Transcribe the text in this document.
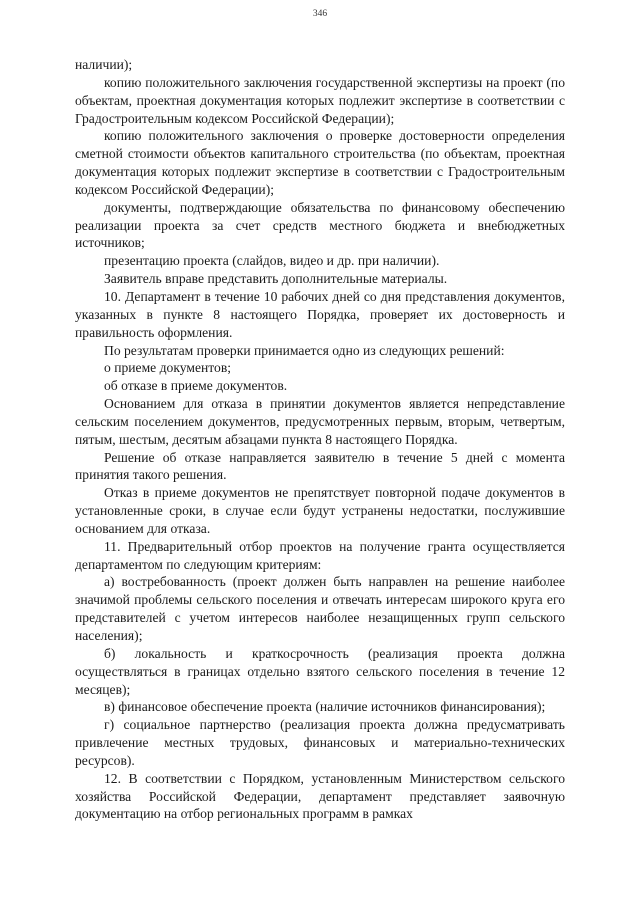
346

наличии);

копию положительного заключения государственной экспертизы на проект (по объектам, проектная документация которых подлежит экспертизе в соответствии с Градостроительным кодексом Российской Федерации);

копию положительного заключения о проверке достоверности определения сметной стоимости объектов капитального строительства (по объектам, проектная документация которых подлежит экспертизе в соответствии с Градостроительным кодексом Российской Федерации);

документы, подтверждающие обязательства по финансовому обеспечению реализации проекта за счет средств местного бюджета и внебюджетных источников;

презентацию проекта (слайдов, видео и др. при наличии).

Заявитель вправе представить дополнительные материалы.

10. Департамент в течение 10 рабочих дней со дня представления документов, указанных в пункте 8 настоящего Порядка, проверяет их достоверность и правильность оформления.

По результатам проверки принимается одно из следующих решений:

о приеме документов;

об отказе в приеме документов.

Основанием для отказа в принятии документов является непредставление сельским поселением документов, предусмотренных первым, вторым, четвертым, пятым, шестым, десятым абзацами пункта 8 настоящего Порядка.

Решение об отказе направляется заявителю в течение 5 дней с момента принятия такого решения.

Отказ в приеме документов не препятствует повторной подаче документов в установленные сроки, в случае если будут устранены недостатки, послужившие основанием для отказа.

11. Предварительный отбор проектов на получение гранта осуществляется департаментом по следующим критериям:

а) востребованность (проект должен быть направлен на решение наиболее значимой проблемы сельского поселения и отвечать интересам широкого круга его представителей с учетом интересов наиболее незащищенных групп сельского населения);

б) локальность и краткосрочность (реализация проекта должна осуществляться в границах отдельно взятого сельского поселения в течение 12 месяцев);

в) финансовое обеспечение проекта (наличие источников финансирования);

г) социальное партнерство (реализация проекта должна предусматривать привлечение местных трудовых, финансовых и материально-технических ресурсов).

12. В соответствии с Порядком, установленным Министерством сельского хозяйства Российской Федерации, департамент представляет заявочную документацию на отбор региональных программ в рамках
